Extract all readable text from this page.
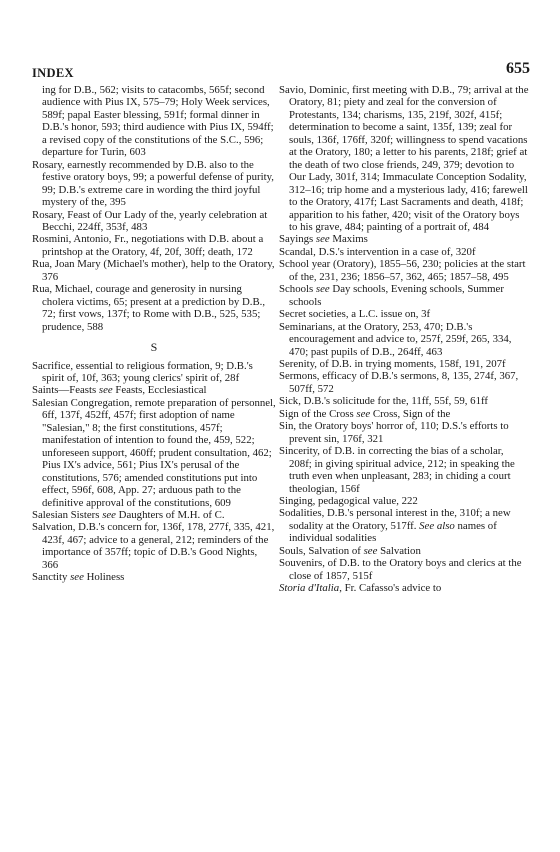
INDEX	655
ing for D.B., 562; visits to catacombs, 565f; second audience with Pius IX, 575–79; Holy Week services, 589f; papal Easter blessing, 591f; formal dinner in D.B.'s honor, 593; third audience with Pius IX, 594ff; a revised copy of the constitutions of the S.C., 596; departure for Turin, 603
Rosary, earnestly recommended by D.B. also to the festive oratory boys, 99; a powerful defense of purity, 99; D.B.'s extreme care in wording the third joyful mystery of the, 395
Rosary, Feast of Our Lady of the, yearly celebration at Becchi, 224ff, 353f, 483
Rosmini, Antonio, Fr., negotiations with D.B. about a printshop at the Oratory, 4f, 20f, 30ff; death, 172
Rua, Joan Mary (Michael's mother), help to the Oratory, 376
Rua, Michael, courage and generosity in nursing cholera victims, 65; present at a prediction by D.B., 72; first vows, 137f; to Rome with D.B., 525, 535; prudence, 588
S
Sacrifice, essential to religious formation, 9; D.B.'s spirit of, 10f, 363; young clerics' spirit of, 28f
Saints—Feasts see Feasts, Ecclesiastical
Salesian Congregation, remote preparation of personnel, 6ff, 137f, 452ff, 457f; first adoption of name "Salesian," 8; the first constitutions, 457f; manifestation of intention to found the, 459, 522; unforeseen support, 460ff; prudent consultation, 462; Pius IX's advice, 561; Pius IX's perusal of the constitutions, 576; amended constitutions put into effect, 596f, 608, App. 27; arduous path to the definitive approval of the constitutions, 609
Salesian Sisters see Daughters of M.H. of C.
Salvation, D.B.'s concern for, 136f, 178, 277f, 335, 421, 423f, 467; advice to a general, 212; reminders of the importance of 357ff; topic of D.B.'s Good Nights, 366
Sanctity see Holiness
Savio, Dominic, first meeting with D.B., 79; arrival at the Oratory, 81; piety and zeal for the conversion of Protestants, 134; charisms, 135, 219f, 302f, 415f; determination to become a saint, 135f, 139; zeal for souls, 136f, 176ff, 320f; willingness to spend vacations at the Oratory, 180; a letter to his parents, 218f; grief at the death of two close friends, 249, 379; devotion to Our Lady, 301f, 314; Immaculate Conception Sodality, 312–16; trip home and a mysterious lady, 416; farewell to the Oratory, 417f; Last Sacraments and death, 418f; apparition to his father, 420; visit of the Oratory boys to his grave, 484; painting of a portrait of, 484
Sayings see Maxims
Scandal, D.S.'s intervention in a case of, 320f
School year (Oratory), 1855–56, 230; policies at the start of the, 231, 236; 1856–57, 362, 465; 1857–58, 495
Schools see Day schools, Evening schools, Summer schools
Secret societies, a L.C. issue on, 3f
Seminarians, at the Oratory, 253, 470; D.B.'s encouragement and advice to, 257f, 259f, 265, 334, 470; past pupils of D.B., 264ff, 463
Serenity, of D.B. in trying moments, 158f, 191, 207f
Sermons, efficacy of D.B.'s sermons, 8, 135, 274f, 367, 507ff, 572
Sick, D.B.'s solicitude for the, 11ff, 55f, 59, 61ff
Sign of the Cross see Cross, Sign of the
Sin, the Oratory boys' horror of, 110; D.S.'s efforts to prevent sin, 176f, 321
Sincerity, of D.B. in correcting the bias of a scholar, 208f; in giving spiritual advice, 212; in speaking the truth even when unpleasant, 283; in chiding a court theologian, 156f
Singing, pedagogical value, 222
Sodalities, D.B.'s personal interest in the, 310f; a new sodality at the Oratory, 517ff. See also names of individual sodalities
Souls, Salvation of see Salvation
Souvenirs, of D.B. to the Oratory boys and clerics at the close of 1857, 515f
Storia d'Italia, Fr. Cafasso's advice to
